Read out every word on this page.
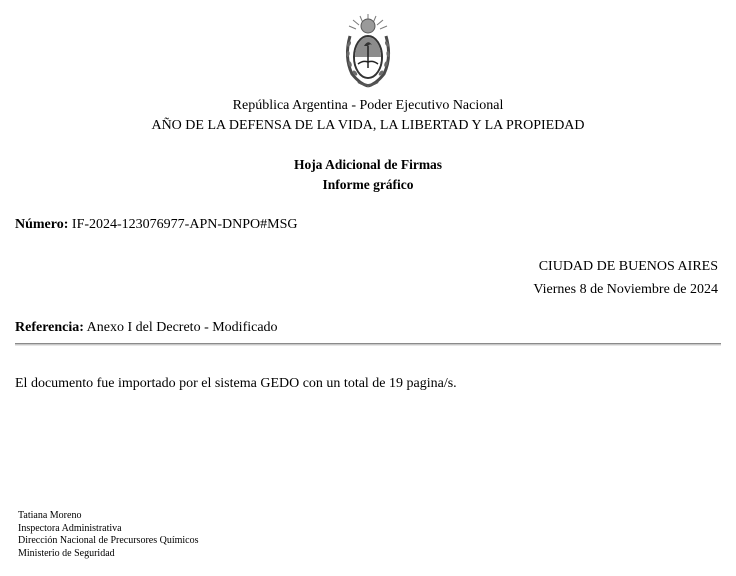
República Argentina - Poder Ejecutivo Nacional
AÑO DE LA DEFENSA DE LA VIDA, LA LIBERTAD Y LA PROPIEDAD
Hoja Adicional de Firmas
Informe gráfico
Número: IF-2024-123076977-APN-DNPO#MSG
CIUDAD DE BUENOS AIRES
Viernes 8 de Noviembre de 2024
Referencia: Anexo I del Decreto - Modificado
El documento fue importado por el sistema GEDO con un total de 19 pagina/s.
Tatiana Moreno
Inspectora Administrativa
Dirección Nacional de Precursores Químicos
Ministerio de Seguridad
